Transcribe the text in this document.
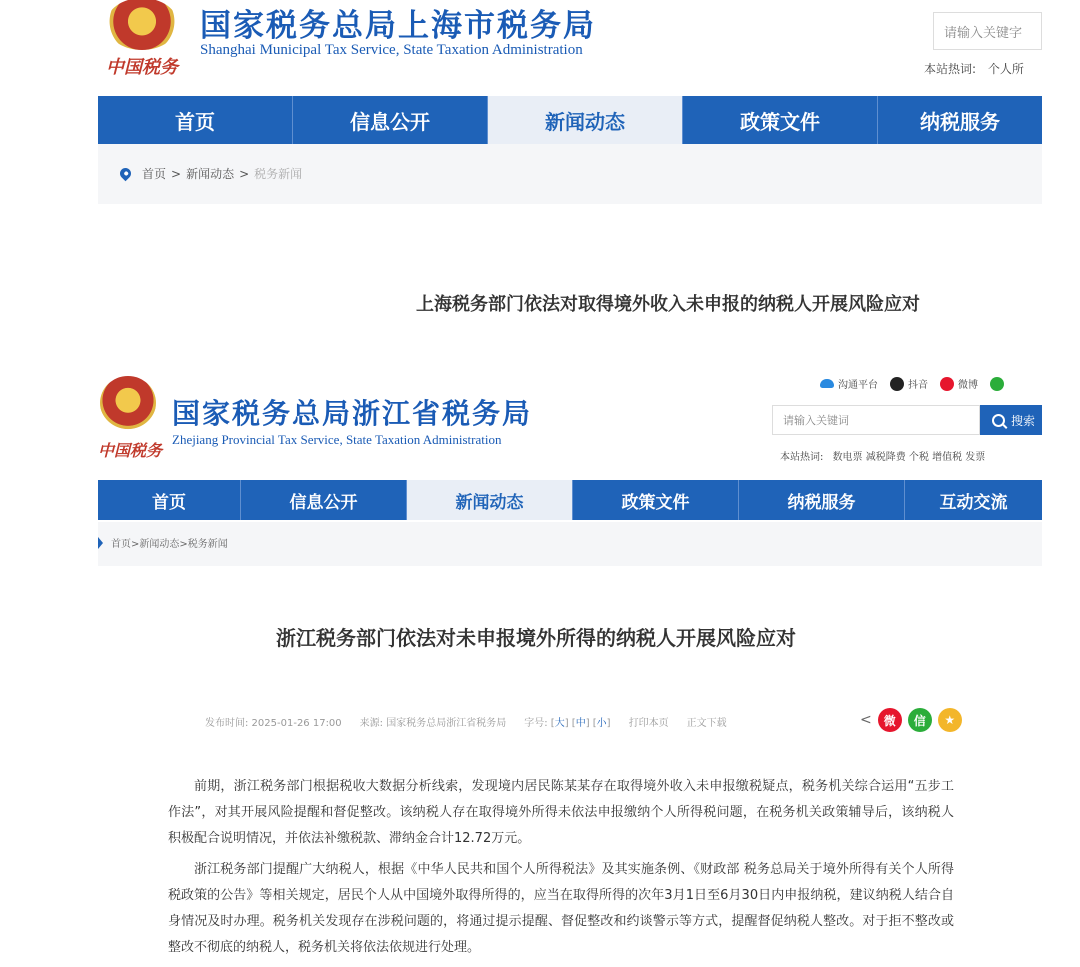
中国税务
国家税务总局上海市税务局
Shanghai Municipal Tax Service, State Taxation Administration
请输入关键字
本站热词: 个人所
首页	信息公开	新闻动态	政策文件	纳税服务
首页 > 新闻动态 > 税务新闻
上海税务部门依法对取得境外收入未申报的纳税人开展风险应对
中国税务
国家税务总局浙江省税务局
Zhejiang Provincial Tax Service, State Taxation Administration
沟通平台	抖音	微博
请输入关键词	搜索
本站热词: 数电票 减税降费 个税 增值税 发票
首页	信息公开	新闻动态	政策文件	纳税服务	互动交流
首页>新闻动态>税务新闻
浙江税务部门依法对未申报境外所得的纳税人开展风险应对
发布时间: 2025-01-26 17:00 来源: 国家税务总局浙江省税务局 字号: [大] [中] [小] 打印本页 正文下载	< 微	信	★
前期，浙江税务部门根据税收大数据分析线索，发现境内居民陈某某存在取得境外收入未申报缴税疑点，税务机关综合运用“五步工作法”，对其开展风险提醒和督促整改。该纳税人存在取得境外所得未依法申报缴纳个人所得税问题，在税务机关政策辅导后，该纳税人积极配合说明情况，并依法补缴税款、滞纳金合计12.72万元。
浙江税务部门提醒广大纳税人，根据《中华人民共和国个人所得税法》及其实施条例、《财政部 税务总局关于境外所得有关个人所得税政策的公告》等相关规定，居民个人从中国境外取得所得的，应当在取得所得的次年3月1日至6月30日内申报纳税，建议纳税人结合自身情况及时办理。税务机关发现存在涉税问题的，将通过提示提醒、督促整改和约谈警示等方式，提醒督促纳税人整改。对于拒不整改或整改不彻底的纳税人，税务机关将依法依规进行处理。
